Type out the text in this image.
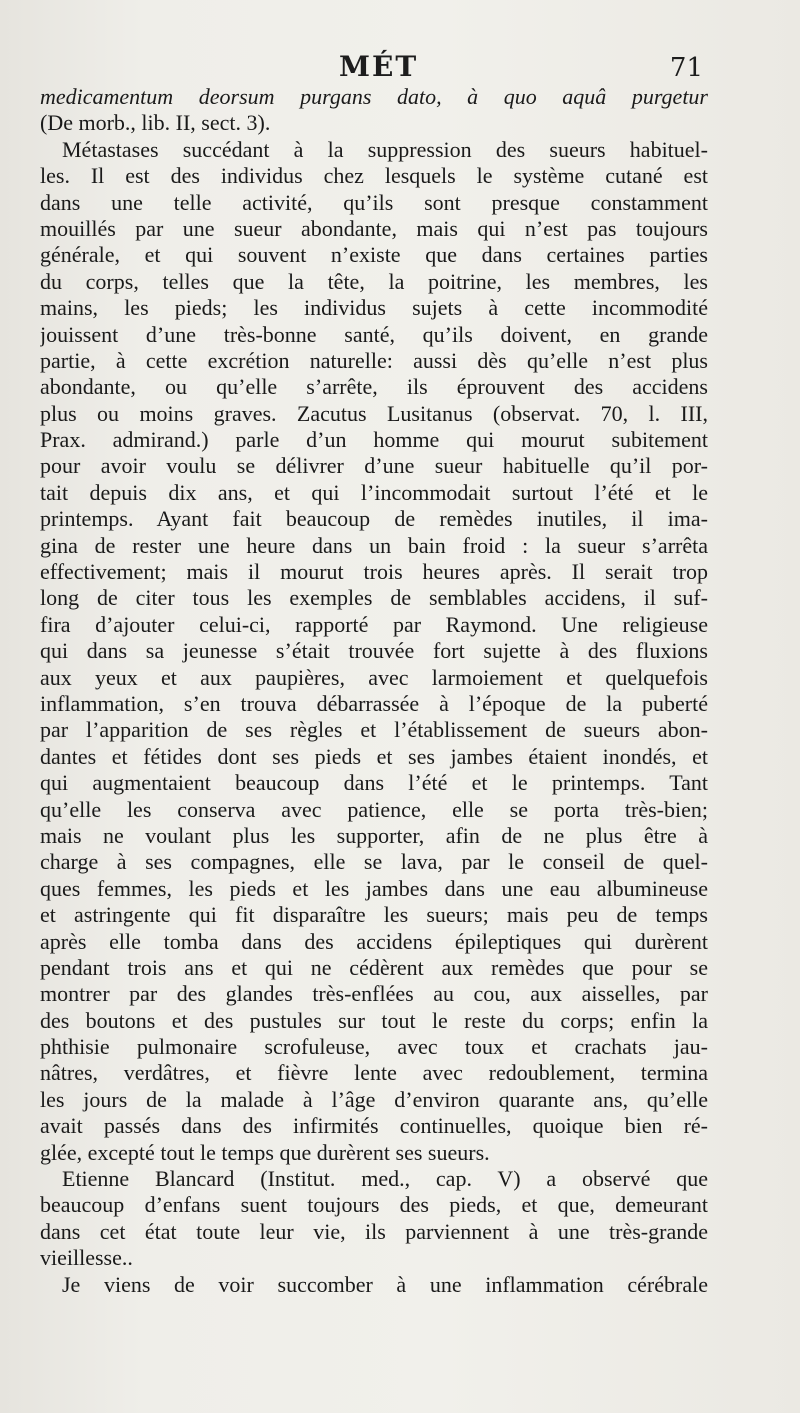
MÉT	71
medicamentum deorsum purgans dato, à quo aquâ purgetur
(De morb., lib. II, sect. 3).
Métastases succédant à la suppression des sueurs habituel-
les. Il est des individus chez lesquels le système cutané est
dans une telle activité, qu’ils sont presque constamment
mouillés par une sueur abondante, mais qui n’est pas toujours
générale, et qui souvent n’existe que dans certaines parties
du corps, telles que la tête, la poitrine, les membres, les
mains, les pieds; les individus sujets à cette incommodité
jouissent d’une très-bonne santé, qu’ils doivent, en grande
partie, à cette excrétion naturelle: aussi dès qu’elle n’est plus
abondante, ou qu’elle s’arrête, ils éprouvent des accidens
plus ou moins graves. Zacutus Lusitanus (observat. 70, l. III,
Prax. admirand.) parle d’un homme qui mourut subitement
pour avoir voulu se délivrer d’une sueur habituelle qu’il por-
tait depuis dix ans, et qui l’incommodait surtout l’été et le
printemps. Ayant fait beaucoup de remèdes inutiles, il ima-
gina de rester une heure dans un bain froid : la sueur s’arrêta
effectivement; mais il mourut trois heures après. Il serait trop
long de citer tous les exemples de semblables accidens, il suf-
fira d’ajouter celui-ci, rapporté par Raymond. Une religieuse
qui dans sa jeunesse s’était trouvée fort sujette à des fluxions
aux yeux et aux paupières, avec larmoiement et quelquefois
inflammation, s’en trouva débarrassée à l’époque de la puberté
par l’apparition de ses règles et l’établissement de sueurs abon-
dantes et fétides dont ses pieds et ses jambes étaient inondés, et
qui augmentaient beaucoup dans l’été et le printemps. Tant
qu’elle les conserva avec patience, elle se porta très-bien;
mais ne voulant plus les supporter, afin de ne plus être à
charge à ses compagnes, elle se lava, par le conseil de quel-
ques femmes, les pieds et les jambes dans une eau albumineuse
et astringente qui fit disparaître les sueurs; mais peu de temps
après elle tomba dans des accidens épileptiques qui durèrent
pendant trois ans et qui ne cédèrent aux remèdes que pour se
montrer par des glandes très-enflées au cou, aux aisselles, par
des boutons et des pustules sur tout le reste du corps; enfin la
phthisie pulmonaire scrofuleuse, avec toux et crachats jau-
nâtres, verdâtres, et fièvre lente avec redoublement, termina
les jours de la malade à l’âge d’environ quarante ans, qu’elle
avait passés dans des infirmités continuelles, quoique bien ré-
glée, excepté tout le temps que durèrent ses sueurs.
Etienne Blancard (Institut. med., cap. V) a observé que
beaucoup d’enfans suent toujours des pieds, et que, demeurant
dans cet état toute leur vie, ils parviennent à une très-grande
vieillesse..
Je viens de voir succomber à une inflammation cérébrale
